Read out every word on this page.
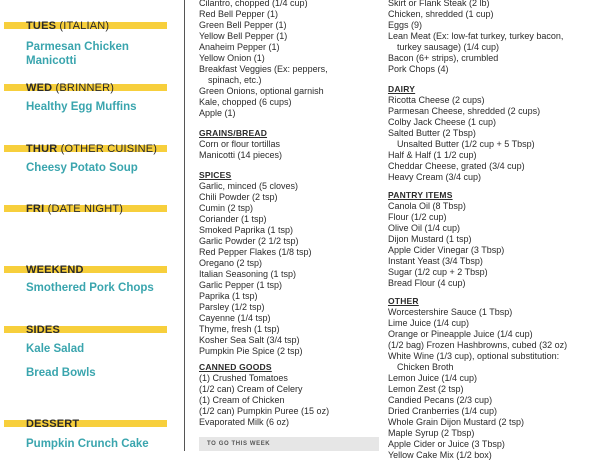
TUES (ITALIAN)
Parmesan Chicken
Manicotti
WED (BRINNER)
Healthy Egg Muffins
THUR (OTHER CUISINE)
Cheesy Potato Soup
FRI (DATE NIGHT)
WEEKEND
Smothered Pork Chops
SIDES
Kale Salad
Bread Bowls
DESSERT
Pumpkin Crunch Cake
Cilantro, chopped (1/4 cup)
Red Bell Pepper (1)
Green Bell Pepper (1)
Yellow Bell Pepper (1)
Anaheim Pepper (1)
Yellow Onion (1)
Breakfast Veggies (Ex: peppers,
spinach, etc.)
Green Onions, optional garnish
Kale, chopped (6 cups)
Apple (1)
GRAINS/BREAD
Corn or flour tortillas
Manicotti (14 pieces)
SPICES
Garlic, minced (5 cloves)
Chili Powder (2 tsp)
Cumin (2 tsp)
Coriander (1 tsp)
Smoked Paprika (1 tsp)
Garlic Powder (2 1/2 tsp)
Red Pepper Flakes (1/8 tsp)
Oregano (2 tsp)
Italian Seasoning (1 tsp)
Garlic Pepper (1 tsp)
Paprika (1 tsp)
Parsley (1/2 tsp)
Cayenne (1/4 tsp)
Thyme, fresh (1 tsp)
Kosher Sea Salt (3/4 tsp)
Pumpkin Pie Spice (2 tsp)
CANNED GOODS
(1) Crushed Tomatoes
(1/2 can) Cream of Celery
(1) Cream of Chicken
(1/2 can) Pumpkin Puree (15 oz)
Evaporated Milk (6 oz)
TO GO THIS WEEK
Skirt or Flank Steak (2 lb)
Chicken, shredded (1 cup)
Eggs (9)
Lean Meat (Ex: low-fat turkey, turkey bacon,
turkey sausage) (1/4 cup)
Bacon (6+ strips), crumbled
Pork Chops (4)
DAIRY
Ricotta Cheese (2 cups)
Parmesan Cheese, shredded (2 cups)
Colby Jack Cheese (1 cup)
Salted Butter (2 Tbsp)
Unsalted Butter (1/2 cup + 5 Tbsp)
Half & Half (1 1/2 cup)
Cheddar Cheese, grated (3/4 cup)
Heavy Cream (3/4 cup)
PANTRY ITEMS
Canola Oil (8 Tbsp)
Flour (1/2 cup)
Olive Oil (1/4 cup)
Dijon Mustard (1 tsp)
Apple Cider Vinegar (3 Tbsp)
Instant Yeast (3/4 Tbsp)
Sugar (1/2 cup + 2 Tbsp)
Bread Flour (4 cup)
OTHER
Worcestershire Sauce (1 Tbsp)
Lime Juice (1/4 cup)
Orange or Pineapple Juice (1/4 cup)
(1/2 bag) Frozen Hashbrowns, cubed (32 oz)
White Wine (1/3 cup), optional substitution:
Chicken Broth
Lemon Juice (1/4 cup)
Lemon Zest (2 tsp)
Candied Pecans (2/3 cup)
Dried Cranberries (1/4 cup)
Whole Grain Dijon Mustard (2 tsp)
Maple Syrup (2 Tbsp)
Apple Cider or Juice (3 Tbsp)
Yellow Cake Mix (1/2 box)
